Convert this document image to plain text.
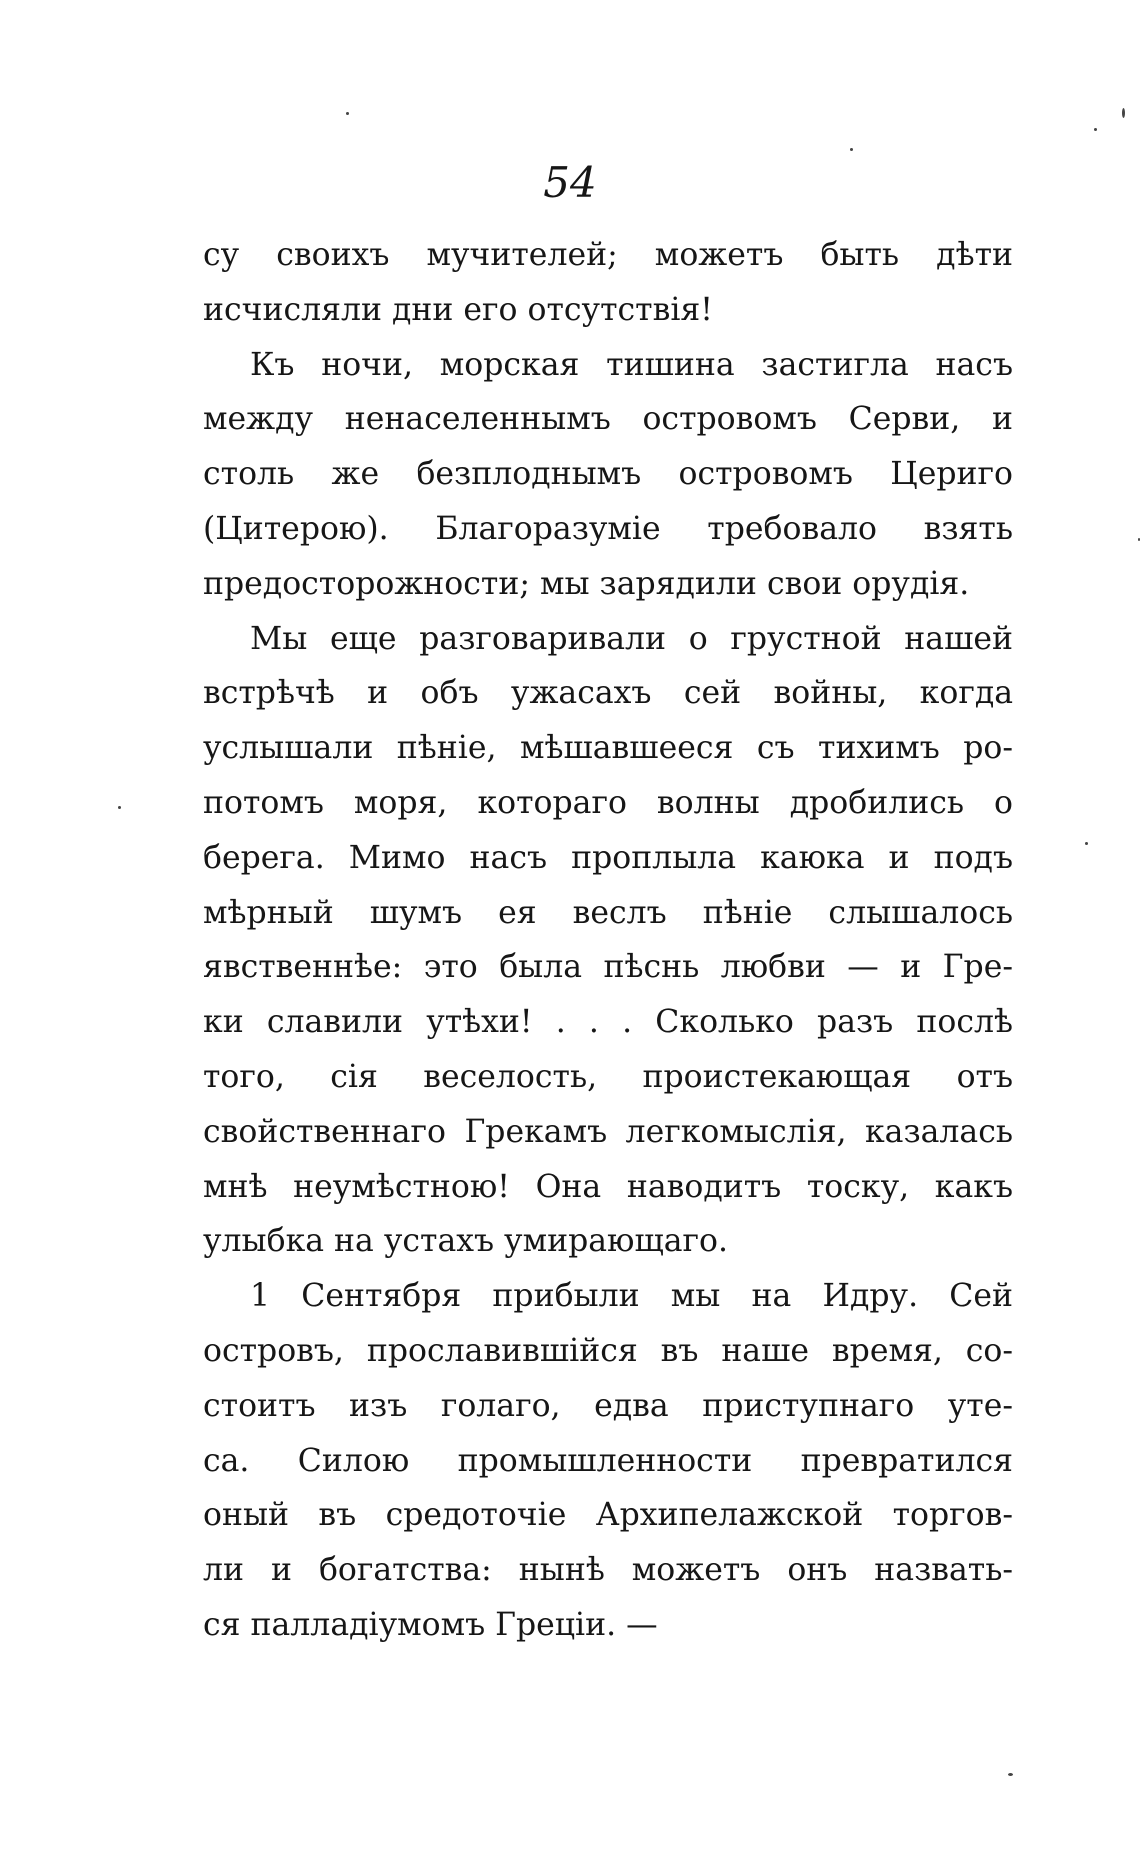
54
су своихъ мучителей; можетъ быть дѣти
исчисляли дни его отсутствія!
Къ ночи, морская тишина застигла насъ
между ненаселеннымъ островомъ Серви, и
столь же безплоднымъ островомъ Цериго
(Цитерою). Благоразуміе требовало взять
предосторожности; мы зарядили свои орудія.
Мы еще разговаривали о грустной нашей
встрѣчѣ и объ ужасахъ сей войны, когда
услышали пѣніе, мѣшавшееся съ тихимъ ро-
потомъ моря, котораго волны дробились о
берега. Мимо насъ проплыла каюка и подъ
мѣрный шумъ ея веслъ пѣніе слышалось
явственнѣе: это была пѣснь любви — и Гре-
ки славили утѣхи! . . . Сколько разъ послѣ
того, сія веселость, проистекающая отъ
свойственнаго Грекамъ легкомыслія, казалась
мнѣ неумѣстною! Она наводитъ тоску, какъ
улыбка на устахъ умирающаго.
1 Сентября прибыли мы на Идру. Сей
островъ, прославившійся въ наше время, со-
стоитъ изъ голаго, едва приступнаго утe-
са. Силою промышленности превратился
оный въ средоточіе Архипелажской торгов-
ли и богатства: нынѣ можетъ онъ назвать-
ся палладіумомъ Греціи. —
